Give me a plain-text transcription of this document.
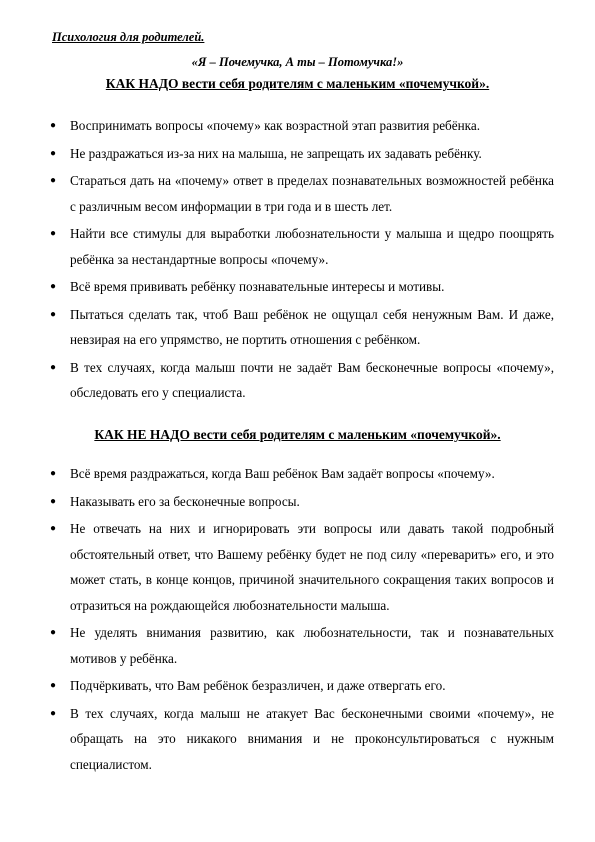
Психология для родителей.
«Я – Почемучка, А ты – Потомучка!»
КАК НАДО вести себя родителям с маленьким «почемучкой».
● Воспринимать вопросы «почему» как возрастной этап развития ребёнка.
● Не раздражаться из-за них на малыша, не запрещать их задавать ребёнку.
● Стараться дать на «почему» ответ в пределах познавательных возможностей ребёнка с различным весом информации в три года и в шесть лет.
● Найти все стимулы для выработки любознательности у малыша и щедро поощрять ребёнка за нестандартные вопросы «почему».
● Всё время прививать ребёнку познавательные интересы и мотивы.
● Пытаться сделать так, чтоб Ваш ребёнок не ощущал себя ненужным Вам. И даже, невзирая на его упрямство, не портить отношения с ребёнком.
● В тех случаях, когда малыш почти не задаёт Вам бесконечные вопросы «почему», обследовать его у специалиста.
КАК НЕ НАДО вести себя родителям с маленьким «почемучкой».
● Всё время раздражаться, когда Ваш ребёнок Вам задаёт вопросы «почему».
● Наказывать его за бесконечные вопросы.
● Не отвечать на них и игнорировать эти вопросы или давать такой подробный обстоятельный ответ, что Вашему ребёнку будет не под силу «переварить» его, и это может стать, в конце концов, причиной значительного сокращения таких вопросов и отразиться на рождающейся любознательности малыша.
● Не уделять внимания развитию, как любознательности, так и познавательных мотивов у ребёнка.
● Подчёркивать, что Вам ребёнок безразличен, и даже отвергать его.
● В тех случаях, когда малыш не атакует Вас бесконечными своими «почему», не обращать на это никакого внимания и не проконсультироваться с нужным специалистом.
